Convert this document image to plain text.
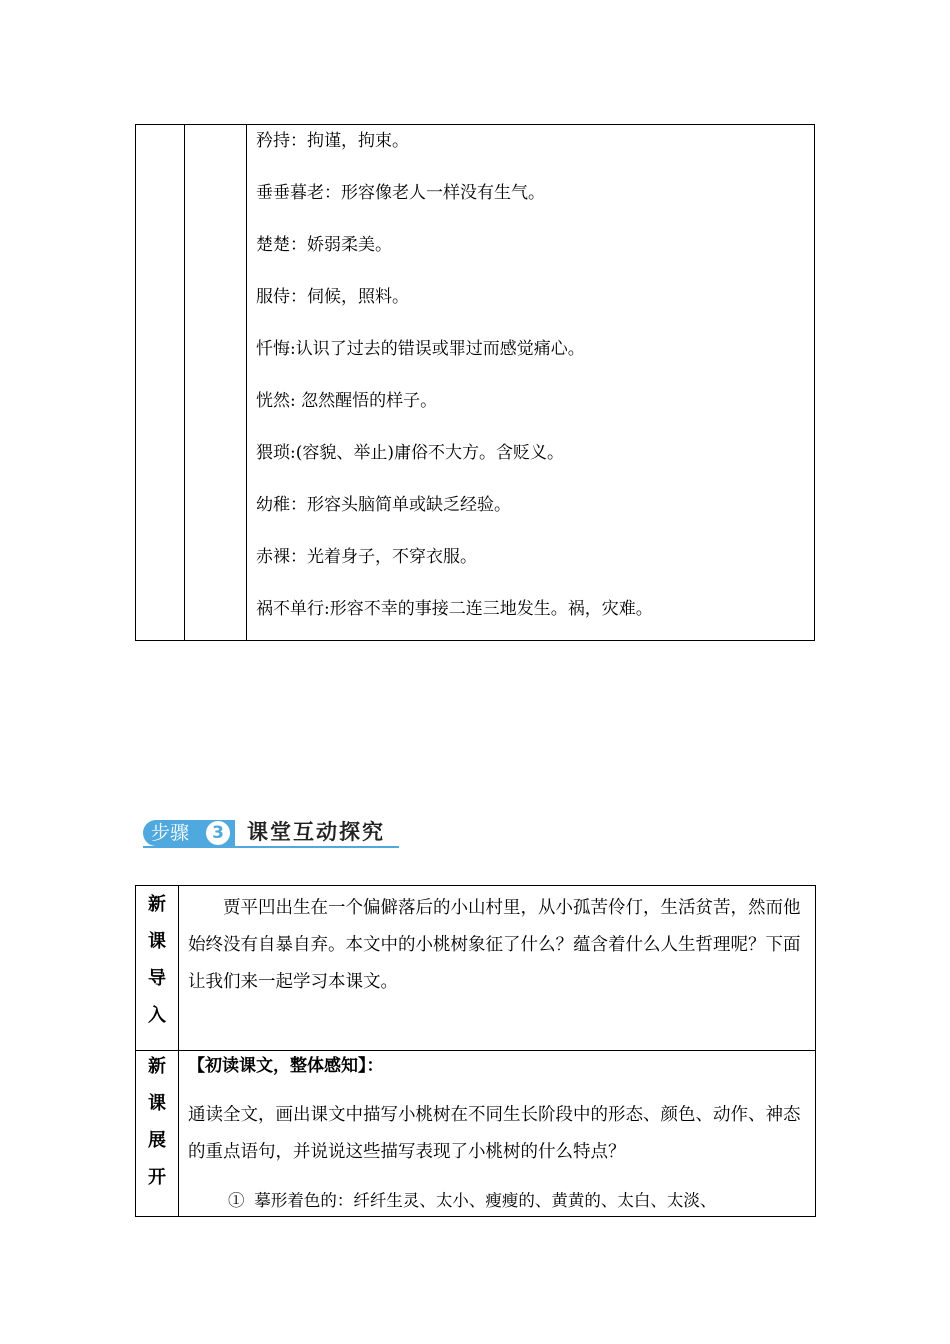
矜持：拘谨，拘束。
垂垂暮老：形容像老人一样没有生气。
楚楚：娇弱柔美。
服侍：伺候，照料。
忏悔:认识了过去的错误或罪过而感觉痛心。
恍然: 忽然醒悟的样子。
猥琐:(容貌、举止)庸俗不大方。含贬义。
幼稚：形容头脑简单或缺乏经验。
赤裸：光着身子，不穿衣服。
祸不单行:形容不幸的事接二连三地发生。祸，灾难。
步骤	3 课堂互动探究
新
课
导
入

贾平凹出生在一个偏僻落后的小山村里，从小孤苦伶仃，生活贫苦，然而他始终没有自暴自弃。本文中的小桃树象征了什么？蕴含着什么人生哲理呢？下面让我们来一起学习本课文。

新
课
展
开

【初读课文，整体感知】：

通读全文，画出课文中描写小桃树在不同生长阶段中的形态、颜色、动作、神态的重点语句，并说说这些描写表现了小桃树的什么特点？

① 摹形着色的：纤纤生灵、太小、瘦瘦的、黄黄的、太白、太淡、
